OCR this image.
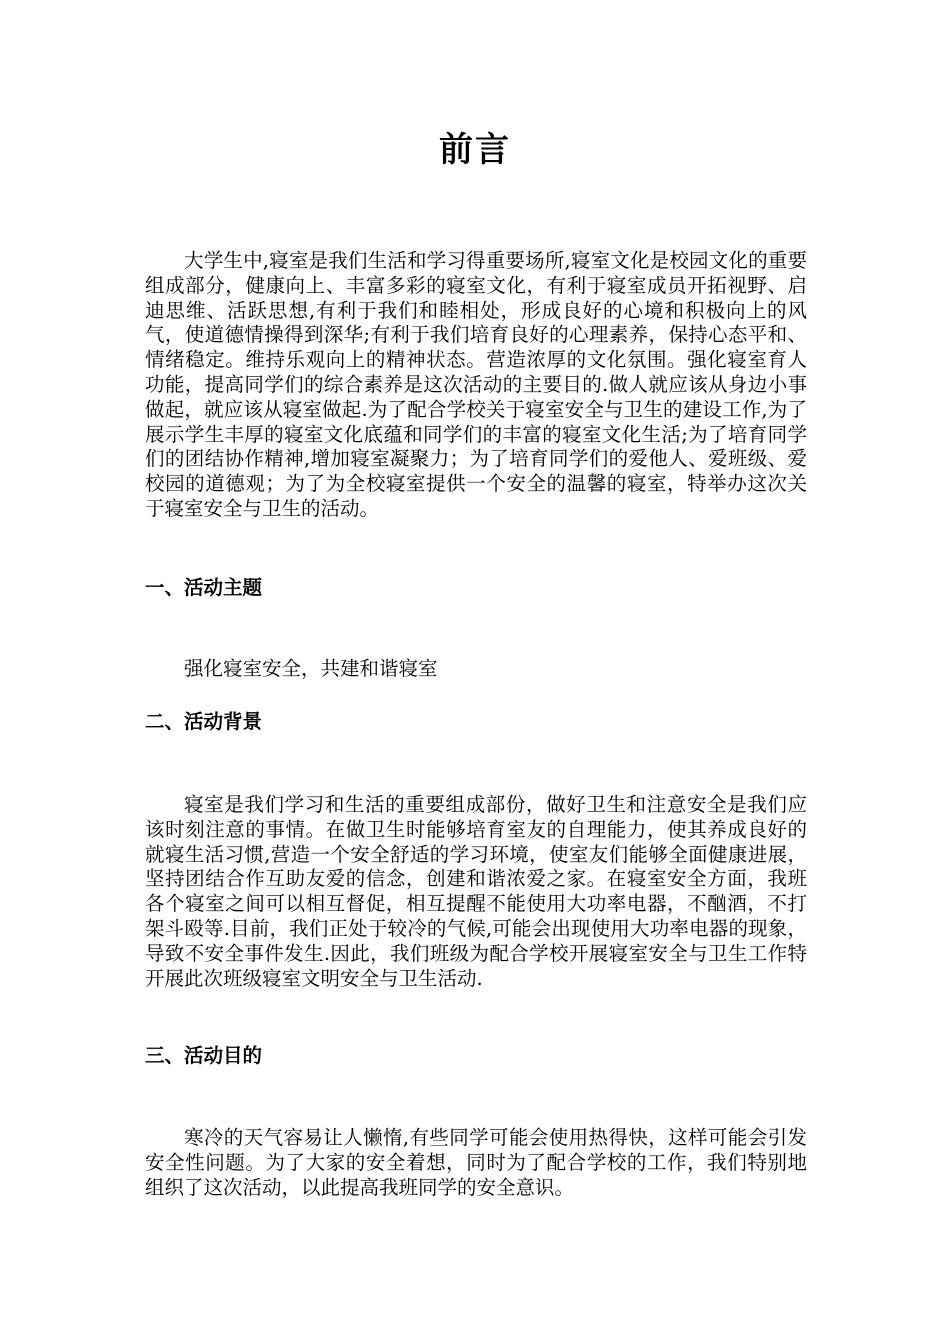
前言

大学生中,寝室是我们生活和学习得重要场所,寝室文化是校园文化的重要组成部分，健康向上、丰富多彩的寝室文化，有利于寝室成员开拓视野、启迪思维、活跃思想,有利于我们和睦相处，形成良好的心境和积极向上的风气，使道德情操得到深华;有利于我们培育良好的心理素养，保持心态平和、情绪稳定。维持乐观向上的精神状态。营造浓厚的文化氛围。强化寝室育人功能，提高同学们的综合素养是这次活动的主要目的.做人就应该从身边小事做起，就应该从寝室做起.为了配合学校关于寝室安全与卫生的建设工作,为了展示学生丰厚的寝室文化底蕴和同学们的丰富的寝室文化生活;为了培育同学们的团结协作精神,增加寝室凝聚力；为了培育同学们的爱他人、爱班级、爱校园的道德观；为了为全校寝室提供一个安全的温馨的寝室，特举办这次关于寝室安全与卫生的活动。

一、活动主题

强化寝室安全，共建和谐寝室

二、活动背景

寝室是我们学习和生活的重要组成部份，做好卫生和注意安全是我们应该时刻注意的事情。在做卫生时能够培育室友的自理能力，使其养成良好的就寝生活习惯,营造一个安全舒适的学习环境，使室友们能够全面健康进展，坚持团结合作互助友爱的信念，创建和谐浓爱之家。在寝室安全方面，我班各个寝室之间可以相互督促，相互提醒不能使用大功率电器，不酗酒，不打架斗殴等.目前，我们正处于较冷的气候,可能会出现使用大功率电器的现象，导致不安全事件发生.因此，我们班级为配合学校开展寝室安全与卫生工作特开展此次班级寝室文明安全与卫生活动.

三、活动目的

寒冷的天气容易让人懒惰,有些同学可能会使用热得快，这样可能会引发安全性问题。为了大家的安全着想，同时为了配合学校的工作，我们特别地组织了这次活动，以此提高我班同学的安全意识。
